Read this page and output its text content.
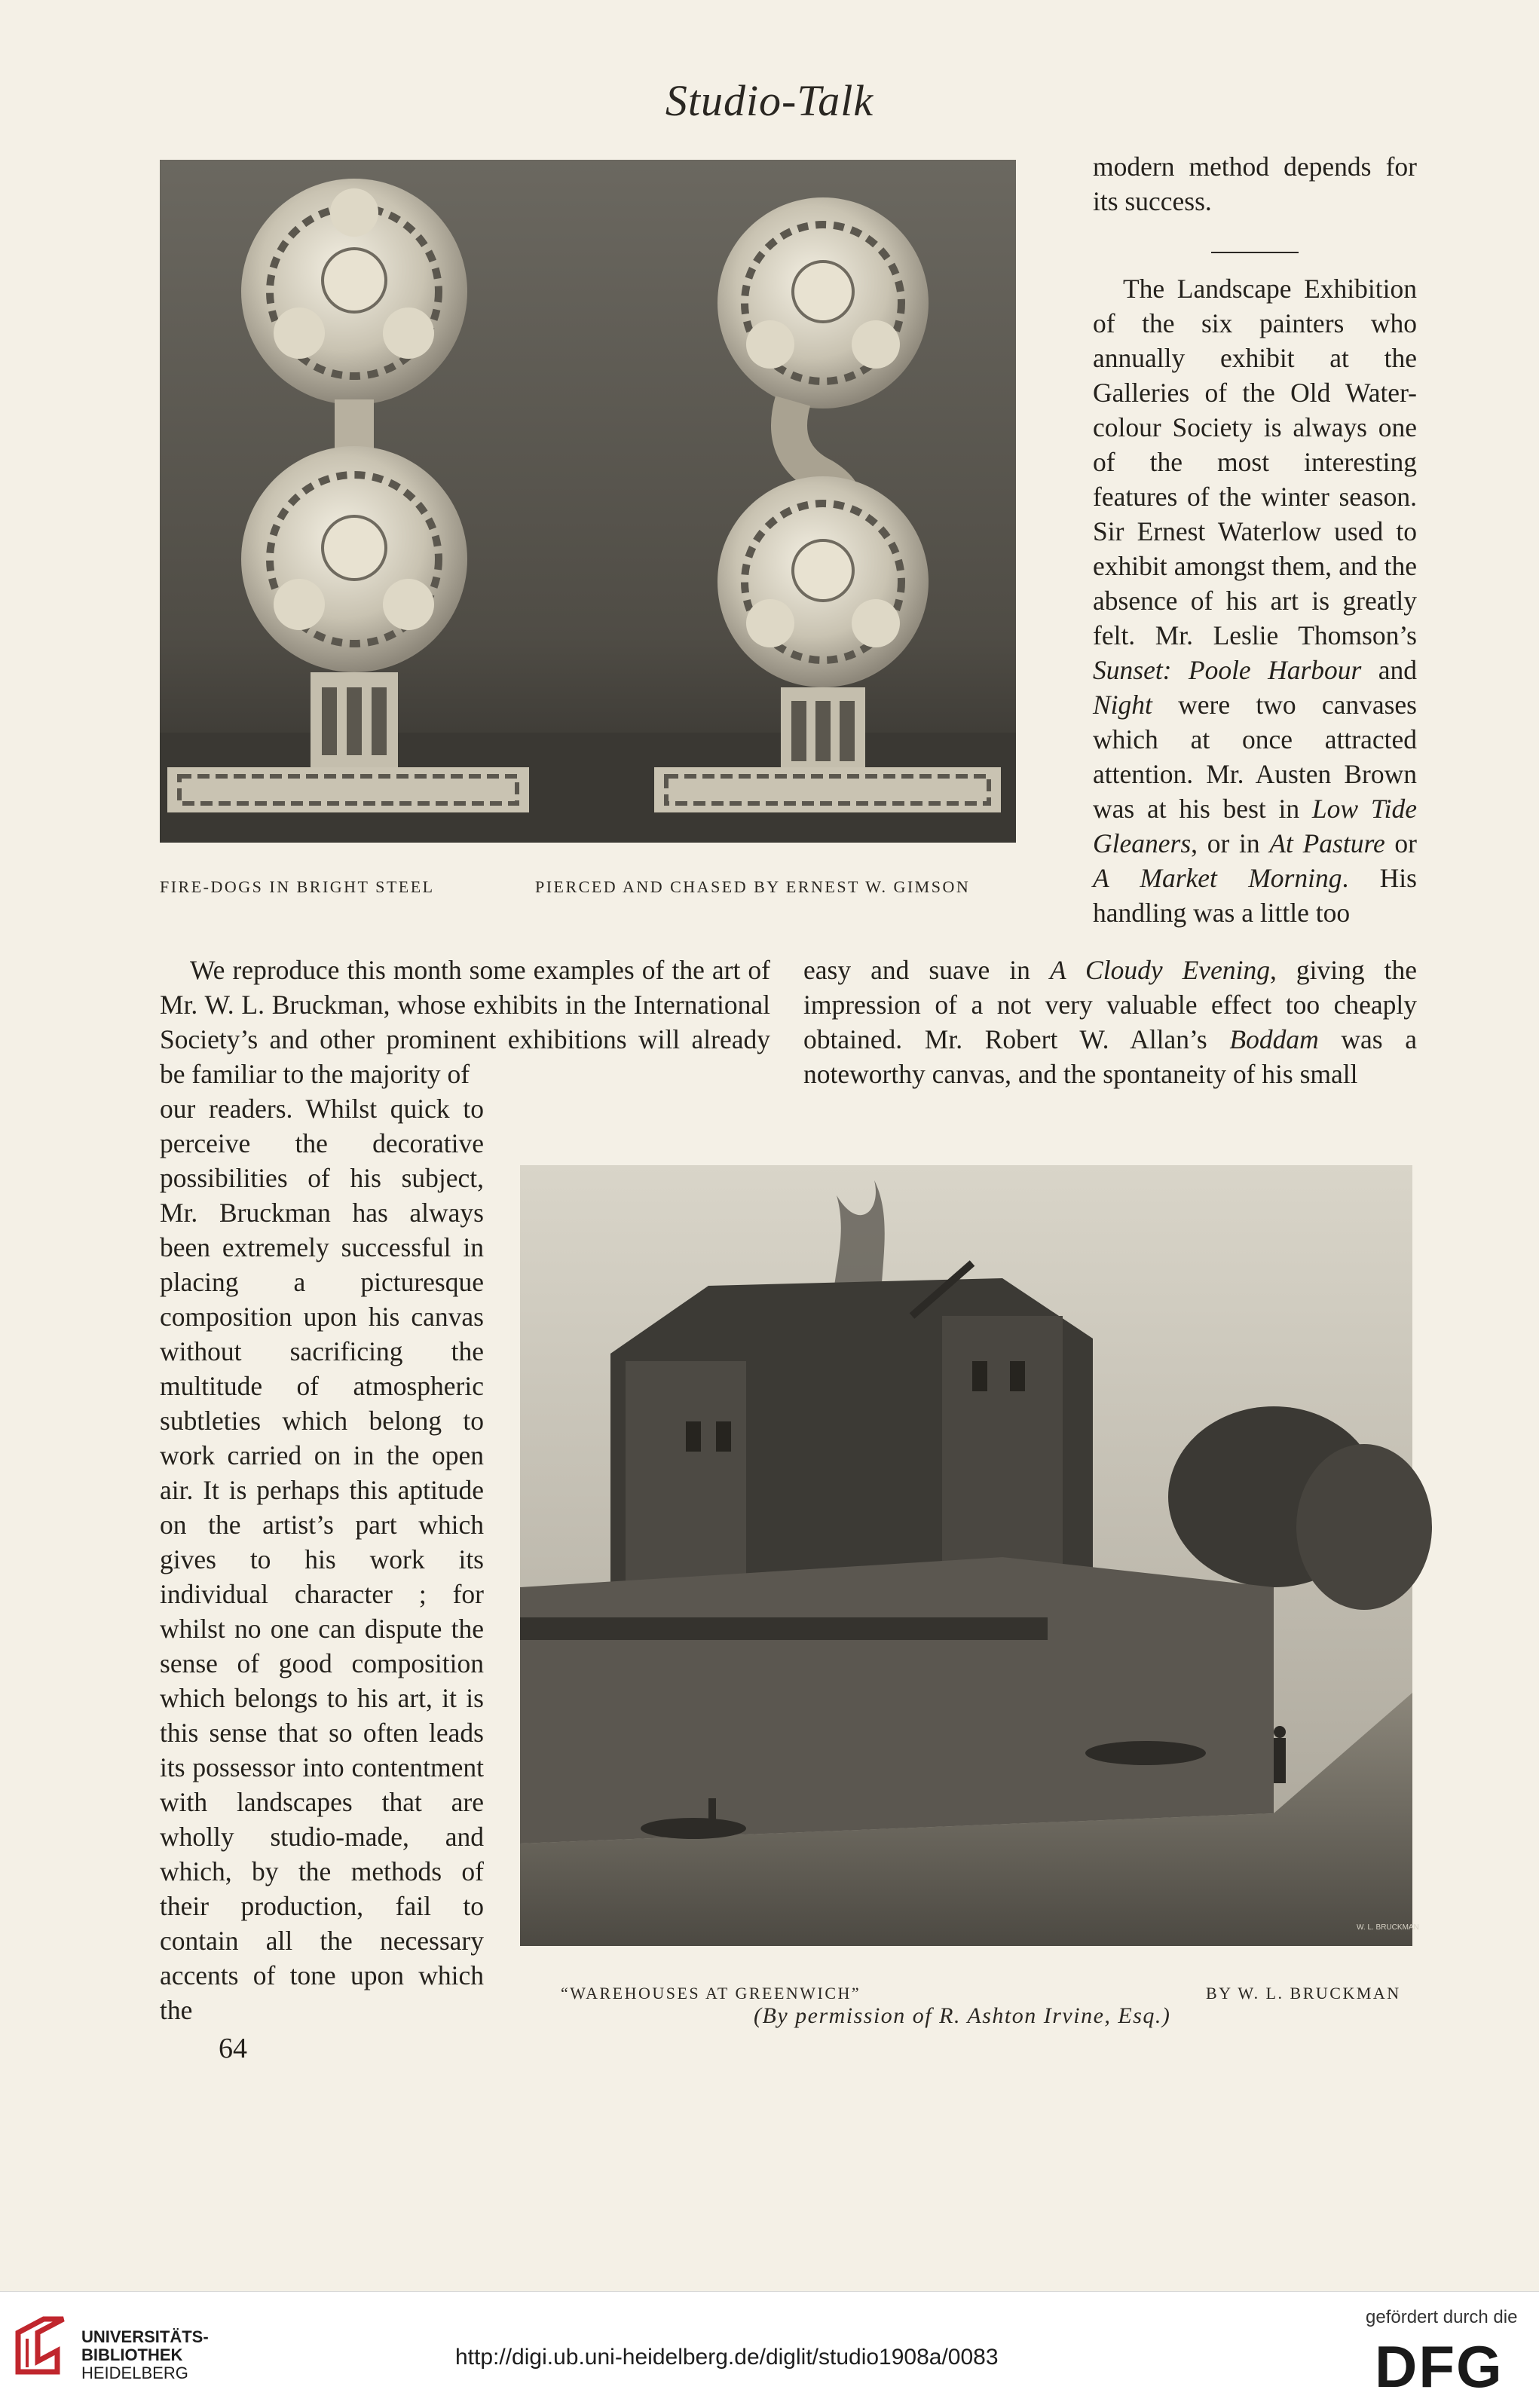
Studio-Talk
FIRE-DOGS IN BRIGHT STEEL	PIERCED AND CHASED BY ERNEST W. GIMSON

modern method depends for its success.

The Landscape Exhibition of the six painters who annually exhibit at the Galleries of the Old Water-colour Society is always one of the most interesting features of the winter season. Sir Ernest Waterlow used to exhibit amongst them, and the absence of his art is greatly felt. Mr. Leslie Thomson’s Sunset: Poole Harbour and Night were two canvases which at once attracted attention. Mr. Austen Brown was at his best in Low Tide Gleaners, or in At Pasture or A Market Morning. His handling was a little too

We reproduce this month some examples of the art of Mr. W. L. Bruckman, whose exhibits in the International Society’s and other prominent exhibitions will already be familiar to the majority of

easy and suave in A Cloudy Evening, giving the impression of a not very valuable effect too cheaply obtained. Mr. Robert W. Allan’s Boddam was a noteworthy canvas, and the spontaneity of his small

our readers. Whilst quick to perceive the decorative possibilities of his subject, Mr. Bruckman has always been extremely successful in placing a picturesque composition upon his canvas without sacrificing the multitude of atmospheric subtleties which belong to work carried on in the open air. It is perhaps this aptitude on the artist’s part which gives to his work its individual character ; for whilst no one can dispute the sense of good composition which belongs to his art, it is this sense that so often leads its possessor into contentment with landscapes that are wholly studio-made, and which, by the methods of their production, fail to contain all the necessary accents of tone upon which the

W. L. BRUCKMAN
“WAREHOUSES AT GREENWICH”	BY W. L. BRUCKMAN
(By permission of R. Ashton Irvine, Esq.)
64
UNIVERSITÄTS-
BIBLIOTHEK
HEIDELBERG
http://digi.ub.uni-heidelberg.de/diglit/studio1908a/0083
gefördert durch die
DFG
